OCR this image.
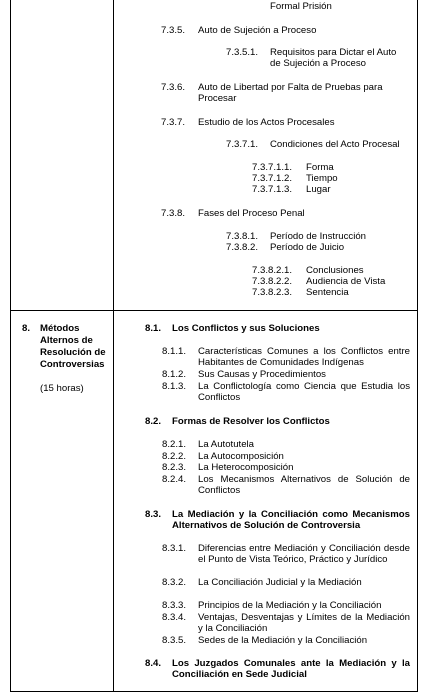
Formal Prisión
7.3.5. Auto de Sujeción a Proceso
7.3.5.1. Requisitos para Dictar el Auto
de Sujeción a Proceso
7.3.6. Auto de Libertad por Falta de Pruebas para
Procesar
7.3.7. Estudio de los Actos Procesales
7.3.7.1. Condiciones del Acto Procesal
7.3.7.1.1. Forma
7.3.7.1.2. Tiempo
7.3.7.1.3. Lugar
7.3.8. Fases del Proceso Penal
7.3.8.1. Período de Instrucción
7.3.8.2. Período de Juicio
7.3.8.2.1. Conclusiones
7.3.8.2.2. Audiencia de Vista
7.3.8.2.3. Sentencia
8. Métodos
Alternos de
Resolución de
Controversias
(15 horas)
8.1. Los Conflictos y sus Soluciones
8.1.1. Características Comunes a los Conflictos entre Habitantes de Comunidades Indígenas
8.1.2. Sus Causas y Procedimientos
8.1.3. La Conflictología como Ciencia que Estudia los Conflictos
8.2. Formas de Resolver los Conflictos
8.2.1. La Autotutela
8.2.2. La Autocomposición
8.2.3. La Heterocomposición
8.2.4. Los Mecanismos Alternativos de Solución de Conflictos
8.3. La Mediación y la Conciliación como Mecanismos Alternativos de Solución de Controversia
8.3.1. Diferencias entre Mediación y Conciliación desde el Punto de Vista Teórico, Práctico y Jurídico
8.3.2. La Conciliación Judicial y la Mediación
8.3.3. Principios de la Mediación y la Conciliación
8.3.4. Ventajas, Desventajas y Límites de la Mediación y la Conciliación
8.3.5. Sedes de la Mediación y la Conciliación
8.4. Los Juzgados Comunales ante la Mediación y la Conciliación en Sede Judicial
